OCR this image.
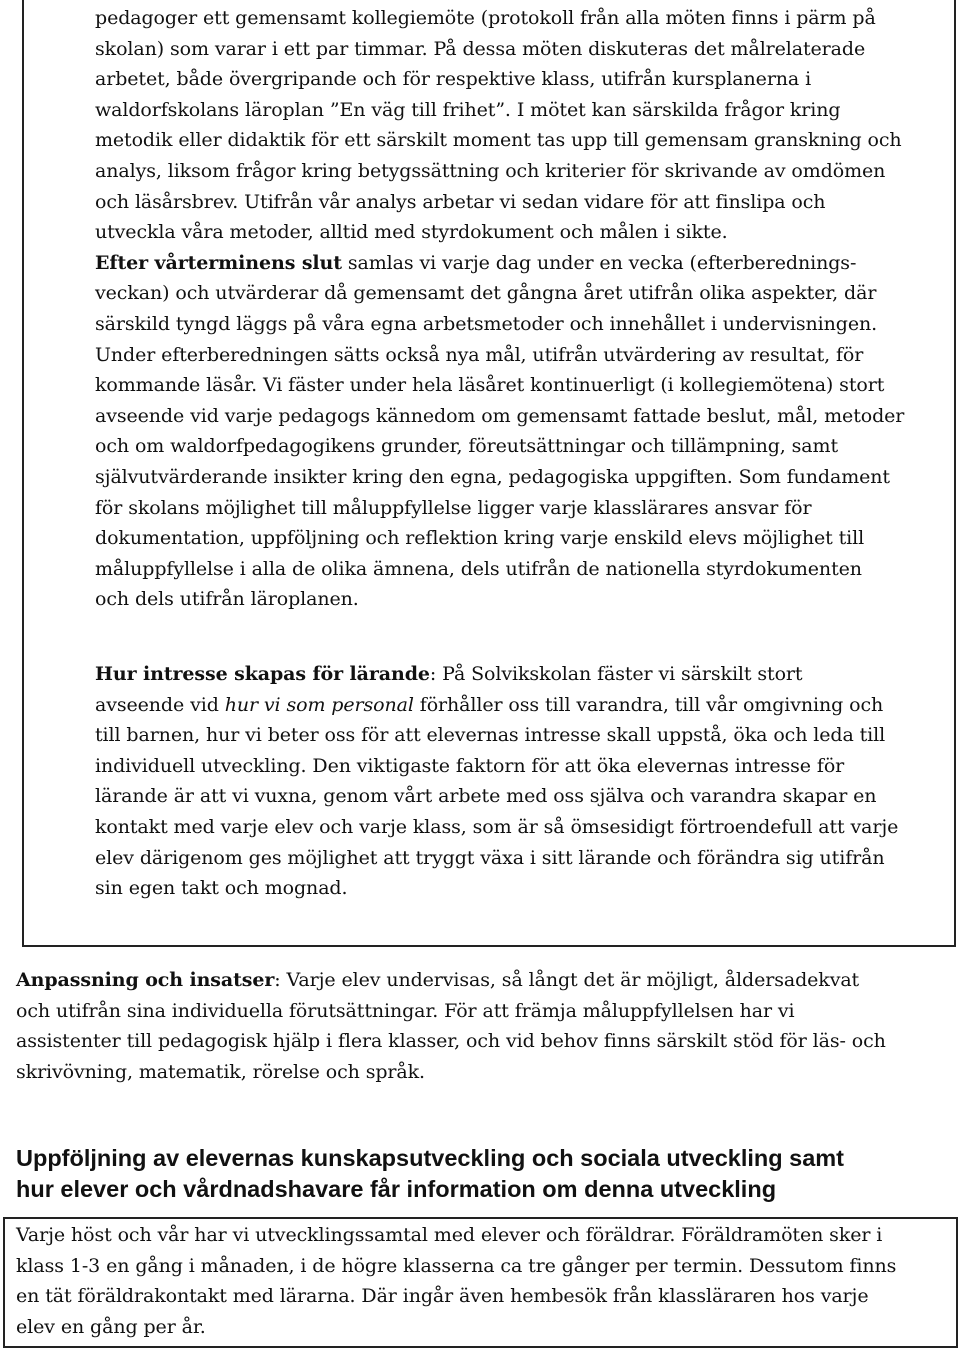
pedagoger ett gemensamt kollegiemöte (protokoll från alla möten finns i pärm på
skolan) som varar i ett par timmar. På dessa möten diskuteras det målrelaterade
arbetet, både övergripande och för respektive klass, utifrån kursplanerna i
waldorfskolans läroplan ”En väg till frihet”. I mötet kan särskilda frågor kring
metodik eller didaktik för ett särskilt moment tas upp till gemensam granskning och
analys, liksom frågor kring betygssättning och kriterier för skrivande av omdömen
och läsårsbrev. Utifrån vår analys arbetar vi sedan vidare för att finslipa och
utveckla våra metoder, alltid med styrdokument och målen i sikte.
Efter vårterminens slut samlas vi varje dag under en vecka (efterberednings-
veckan) och utvärderar då gemensamt det gångna året utifrån olika aspekter, där
särskild tyngd läggs på våra egna arbetsmetoder och innehållet i undervisningen.
Under efterberedningen sätts också nya mål, utifrån utvärdering av resultat, för
kommande läsår. Vi fäster under hela läsåret kontinuerligt (i kollegiemötena) stort
avseende vid varje pedagogs kännedom om gemensamt fattade beslut, mål, metoder
och om waldorfpedagogikens grunder, föreutsättningar och tillämpning, samt
självutvärderande insikter kring den egna, pedagogiska uppgiften. Som fundament
för skolans möjlighet till måluppfyllelse ligger varje klasslärares ansvar för
dokumentation, uppföljning och reflektion kring varje enskild elevs möjlighet till
måluppfyllelse i alla de olika ämnena, dels utifrån de nationella styrdokumenten
och dels utifrån läroplanen.
Hur intresse skapas för lärande: På Solvikskolan fäster vi särskilt stort
avseende vid hur vi som personal förhåller oss till varandra, till vår omgivning och
till barnen, hur vi beter oss för att elevernas intresse skall uppstå, öka och leda till
individuell utveckling. Den viktigaste faktorn för att öka elevernas intresse för
lärande är att vi vuxna, genom vårt arbete med oss själva och varandra skapar en
kontakt med varje elev och varje klass, som är så ömsesidigt förtroendefull att varje
elev därigenom ges möjlighet att tryggt växa i sitt lärande och förändra sig utifrån
sin egen takt och mognad.
Anpassning och insatser: Varje elev undervisas, så långt det är möjligt, åldersadekvat
och utifrån sina individuella förutsättningar. För att främja måluppfyllelsen har vi
assistenter till pedagogisk hjälp i flera klasser, och vid behov finns särskilt stöd för läs- och
skrivövning, matematik, rörelse och språk.
Uppföljning av elevernas kunskapsutveckling och sociala utveckling samt
hur elever och vårdnadshavare får information om denna utveckling
Varje höst och vår har vi utvecklingssamtal med elever och föräldrar. Föräldramöten sker i
klass 1-3 en gång i månaden, i de högre klasserna ca tre gånger per termin. Dessutom finns
en tät föräldrakontakt med lärarna. Där ingår även hembesök från klassläraren hos varje
elev en gång per år.
